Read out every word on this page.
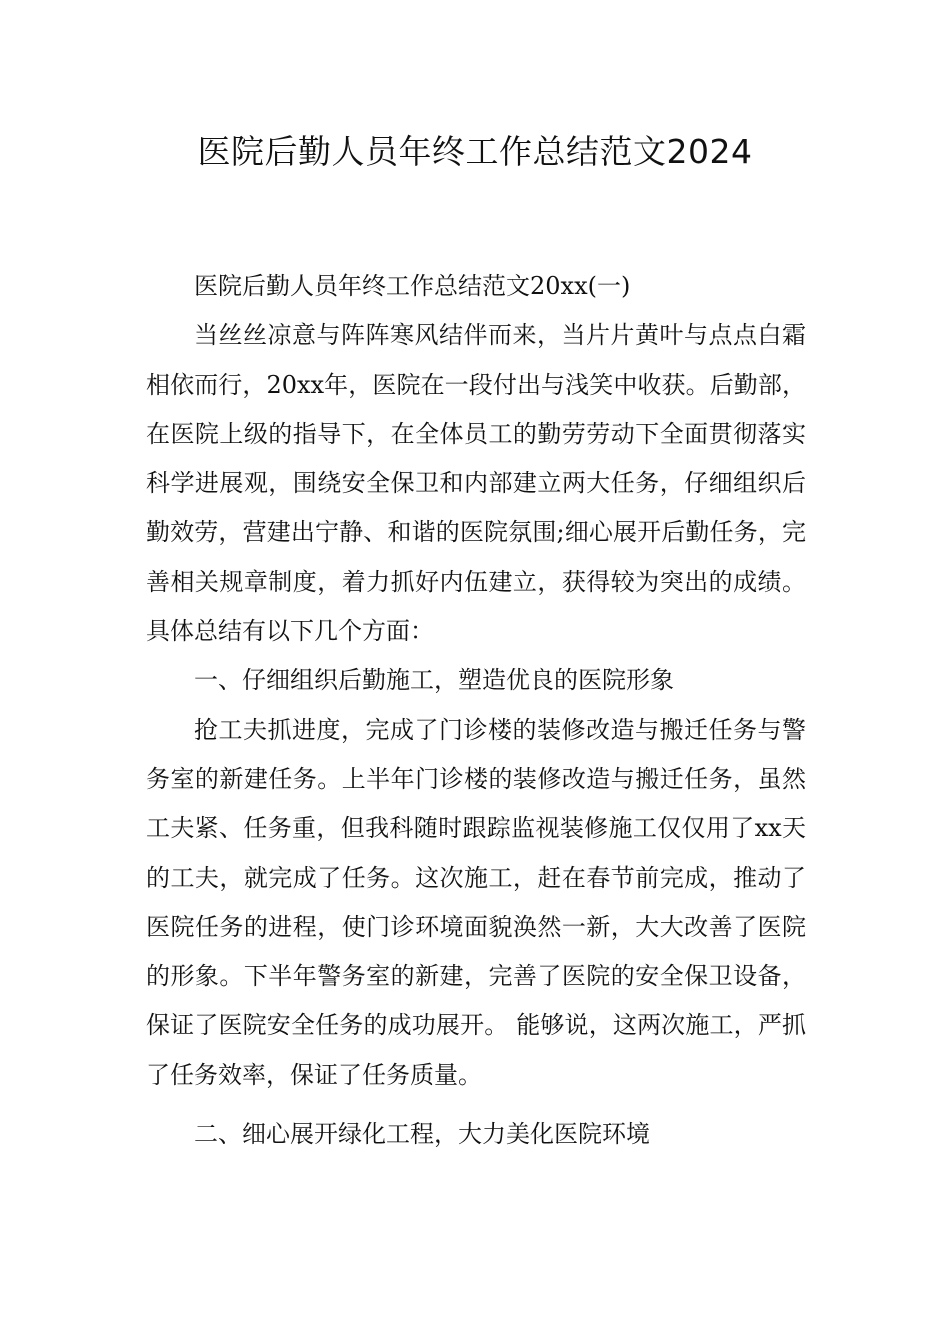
医院后勤人员年终工作总结范文2024

医院后勤人员年终工作总结范文20xx(一)

当丝丝凉意与阵阵寒风结伴而来，当片片黄叶与点点白霜相依而行，20xx年，医院在一段付出与浅笑中收获。后勤部，在医院上级的指导下，在全体员工的勤劳劳动下全面贯彻落实科学进展观，围绕安全保卫和内部建立两大任务，仔细组织后勤效劳，营建出宁静、和谐的医院氛围;细心展开后勤任务，完善相关规章制度，着力抓好内伍建立，获得较为突出的成绩。具体总结有以下几个方面：

一、仔细组织后勤施工，塑造优良的医院形象

抢工夫抓进度，完成了门诊楼的装修改造与搬迁任务与警务室的新建任务。上半年门诊楼的装修改造与搬迁任务，虽然工夫紧、任务重，但我科随时跟踪监视装修施工仅仅用了xx天的工夫，就完成了任务。这次施工，赶在春节前完成，推动了医院任务的进程，使门诊环境面貌涣然一新，大大改善了医院的形象。下半年警务室的新建，完善了医院的安全保卫设备，保证了医院安全任务的成功展开。 能够说，这两次施工，严抓了任务效率，保证了任务质量。

二、细心展开绿化工程，大力美化医院环境
